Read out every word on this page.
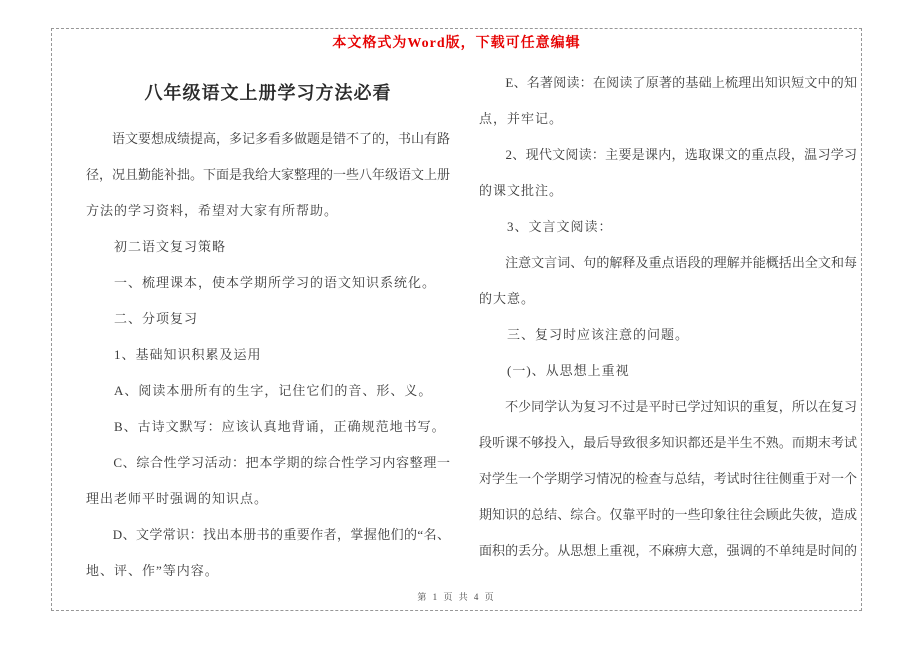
本文格式为Word版，下载可任意编辑
八年级语文上册学习方法必看
　　语文要想成绩提高，多记多看多做题是错不了的，书山有路
径，况且勤能补拙。下面是我给大家整理的一些八年级语文上册
方法的学习资料，希望对大家有所帮助。
　　初二语文复习策略
　　一、梳理课本，使本学期所学习的语文知识系统化。
　　二、分项复习
　　1、基础知识积累及运用
　　A、阅读本册所有的生字，记住它们的音、形、义。
　　B、古诗文默写：应该认真地背诵，正确规范地书写。
　　C、综合性学习活动：把本学期的综合性学习内容整理一
理出老师平时强调的知识点。
　　D、文学常识：找出本册书的重要作者，掌握他们的“名、
地、评、作”等内容。
　　E、名著阅读：在阅读了原著的基础上梳理出知识短文中的知
点，并牢记。
　　2、现代文阅读：主要是课内，选取课文的重点段，温习学习
的课文批注。
　　3、文言文阅读：
　　注意文言词、句的解释及重点语段的理解并能概括出全文和每
的大意。
　　三、复习时应该注意的问题。
　　(一)、从思想上重视
　　不少同学认为复习不过是平时已学过知识的重复，所以在复习
段听课不够投入，最后导致很多知识都还是半生不熟。而期末考试
对学生一个学期学习情况的检查与总结，考试时往往侧重于对一个
期知识的总结、综合。仅靠平时的一些印象往往会顾此失彼，造成
面积的丢分。从思想上重视，不麻痹大意，强调的不单纯是时间的
第 1 页 共 4 页
